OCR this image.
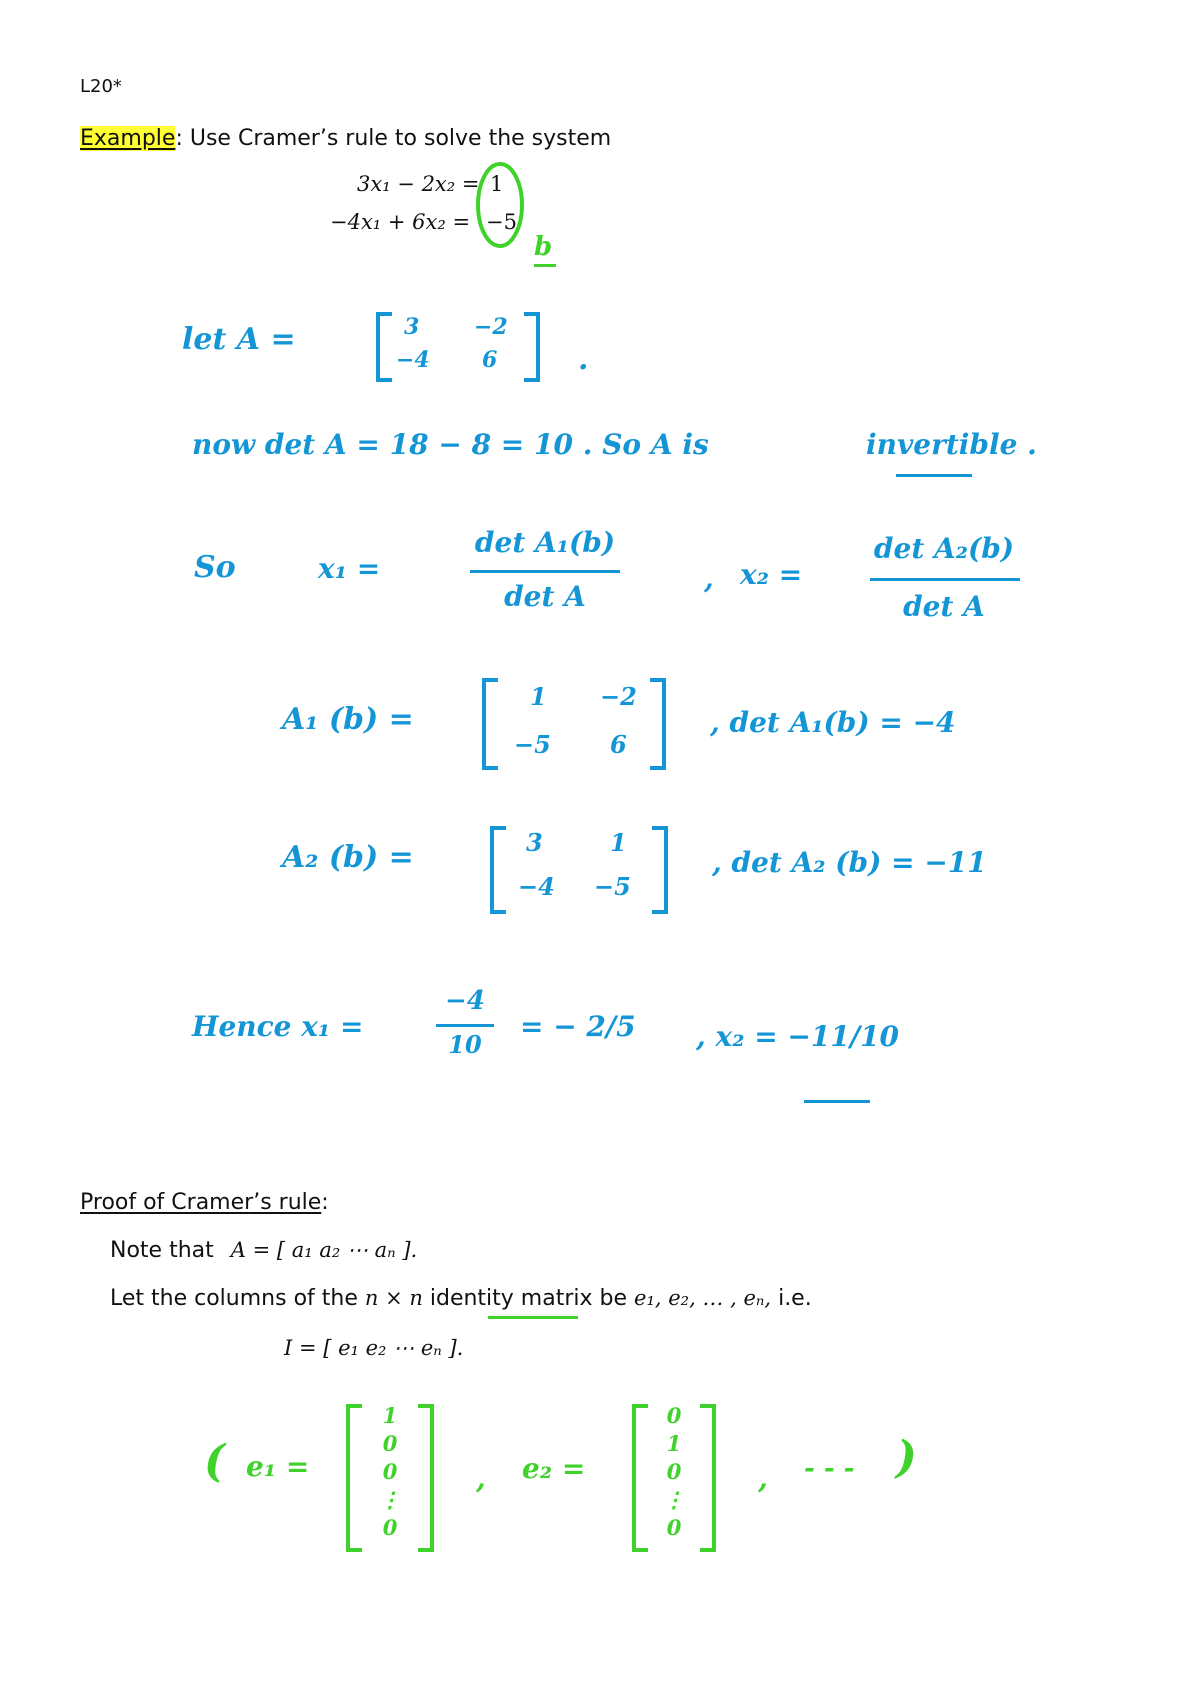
L20*
Example: Use Cramer’s rule to solve the system
3x₁ − 2x₂ = 1
−4x₁ + 6x₂ = −5
b
let A =	3 −2
−4 6	.
now det A = 18 − 8 = 10 . So A is	invertible .
So	x₁ =
det A₁(b)
det A
, x₂ =
det A₂(b)
det A
A₁ (b) =
1 −2
−5 6
, det A₁(b) = −4
A₂ (b) =	3	1
−4 −5
, det A₂ (b) = −11
Hence x₁ =
−4
10
= − 2/5 , x₂ = −11/10
Proof of Cramer’s rule:
Note that A = [ a₁ a₂ ⋯ aₙ ].
Let the columns of the n × n identity matrix be e₁, e₂, … , eₙ, i.e.
I = [ e₁ e₂ ⋯ eₙ ].
( e₁ =
1
0
0
⋮
0
, e₂ =
0
1
0
⋮
0
, - - - )
